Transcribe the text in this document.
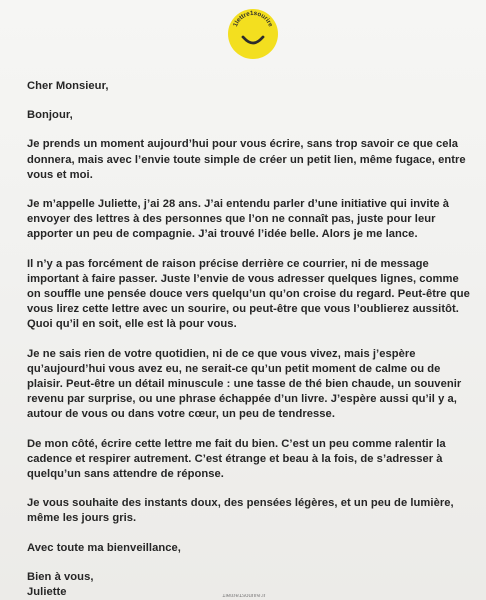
1lettre1sourire

Cher Monsieur,

Bonjour,

Je prends un moment aujourd’hui pour vous écrire, sans trop savoir ce que cela donnera, mais avec l’envie toute simple de créer un petit lien, même fugace, entre vous et moi.

Je m’appelle Juliette, j’ai 28 ans. J’ai entendu parler d’une initiative qui invite à envoyer des lettres à des personnes que l’on ne connaît pas, juste pour leur apporter un peu de compagnie. J’ai trouvé l’idée belle. Alors je me lance.

Il n’y a pas forcément de raison précise derrière ce courrier, ni de message important à faire passer. Juste l’envie de vous adresser quelques lignes, comme on souffle une pensée douce vers quelqu’un qu’on croise du regard. Peut-être que vous lirez cette lettre avec un sourire, ou peut-être que vous l’oublierez aussitôt. Quoi qu’il en soit, elle est là pour vous.

Je ne sais rien de votre quotidien, ni de ce que vous vivez, mais j’espère qu’aujourd’hui vous avez eu, ne serait-ce qu’un petit moment de calme ou de plaisir. Peut-être un détail minuscule : une tasse de thé bien chaude, un souvenir revenu par surprise, ou une phrase échappée d’un livre. J’espère aussi qu’il y a, autour de vous ou dans votre cœur, un peu de tendresse.

De mon côté, écrire cette lettre me fait du bien. C’est un peu comme ralentir la cadence et respirer autrement. C’est étrange et beau à la fois, de s’adresser à quelqu’un sans attendre de réponse.

Je vous souhaite des instants doux, des pensées légères, et un peu de lumière, même les jours gris.

Avec toute ma bienveillance,

Bien à vous,
Juliette	1lettre1sourire.fr
